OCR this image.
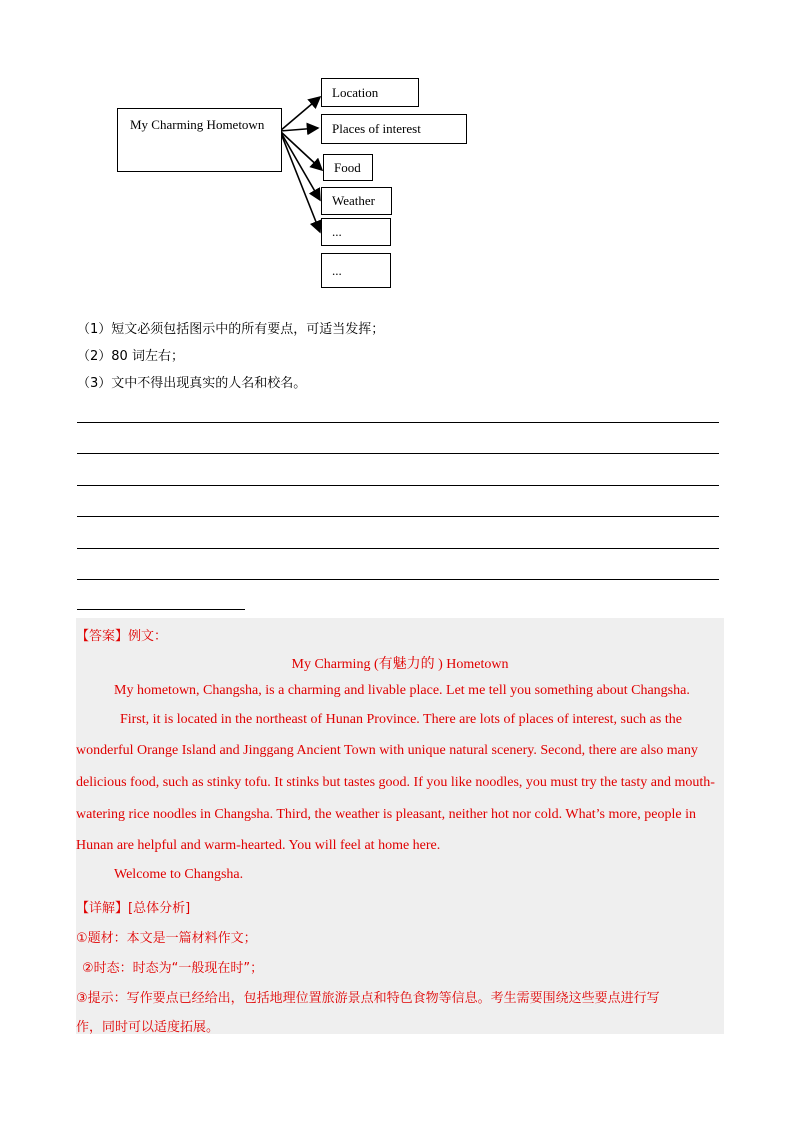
My Charming Hometown
Location
Places of interest
Food
Weather
...
...
（1）短文必须包括图示中的所有要点，可适当发挥；
（2）80 词左右；
（3）文中不得出现真实的人名和校名。
【答案】例文：
My Charming (有魅力的 ) Hometown
My hometown, Changsha, is a charming and livable place. Let me tell you something about Changsha.
First, it is located in the northeast of Hunan Province. There are lots of places of interest, such as the
wonderful Orange Island and Jinggang Ancient Town with unique natural scenery. Second, there are also many
delicious food, such as stinky tofu. It stinks but tastes good. If you like noodles, you must try the tasty and mouth-
watering rice noodles in Changsha. Third, the weather is pleasant, neither hot nor cold. What’s more, people in
Hunan are helpful and warm-hearted. You will feel at home here.
Welcome to Changsha.
【详解】[总体分析]
①题材：本文是一篇材料作文；
②时态：时态为“一般现在时”；
③提示：写作要点已经给出，包括地理位置旅游景点和特色食物等信息。考生需要围绕这些要点进行写
作，同时可以适度拓展。
